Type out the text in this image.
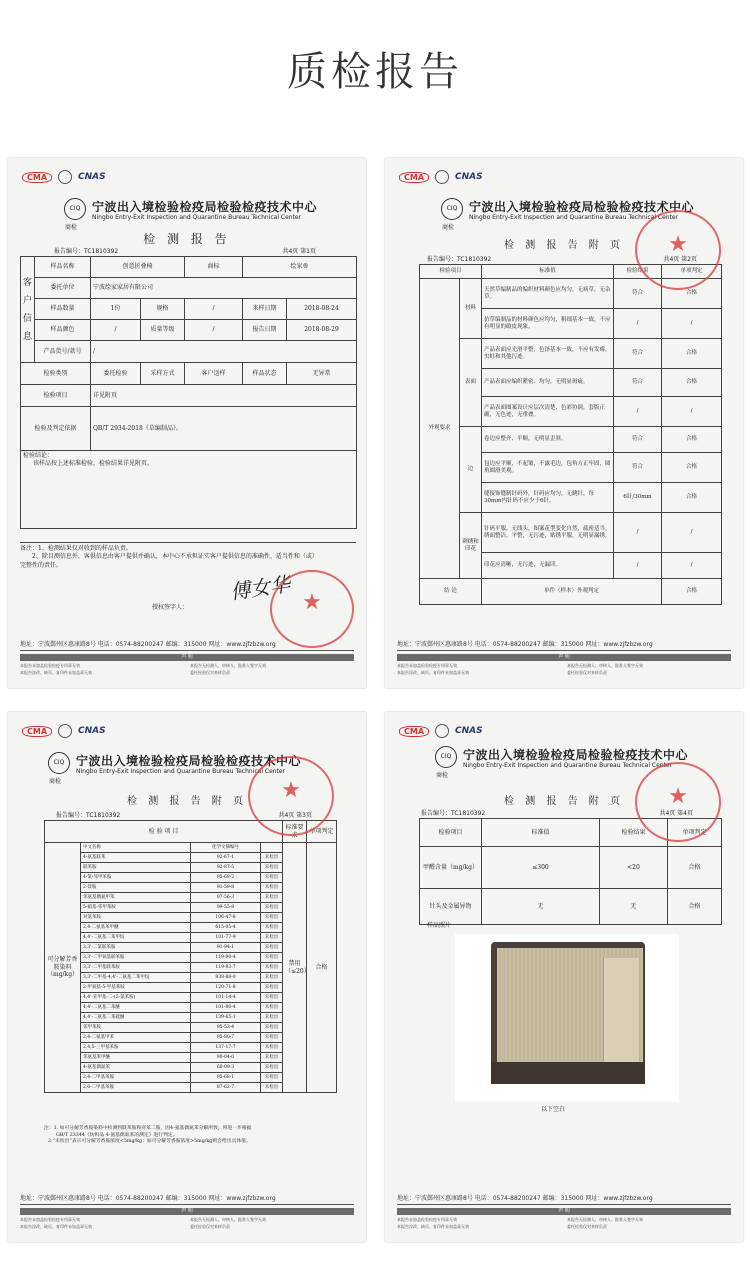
质检报告
CMA	CNAS
CIQ
商检
宁波出入境检验检疫局检验检疫技术中心
Ningbo Entry-Exit Inspection and Quarantine Bureau Technical Center
检 测 报 告
报告编号：TC1810392	共4页 第1页
客户信息	样品名称	创意折叠椅		商标	绘家®	
	委托单位	宁波绘家家居有限公司				
	样品数量	1份	规格	/	来样日期	2018-08-24
	样品颜色	/	质量等级	/	报告日期	2018-08-29
	产品货号/款号	/				
检验类别		委托检验	采样方式	客户送样	样品状态	无异常
检验项目		详见附页				
检验及判定依据		QB/T 2934-2018《草编制品》。				

检验结论：
该样品按上述标准检验，检验结果详见附页。						
备注：1、检测结果仅对收到的样品负责。
2、除目测信息外，客供信息由客户提供并确认，本中心不承担证实客户提供信息的准确性、适当性和（或）
完整性的责任。
傅女华
授权签字人：	★
地址：宁波鄞州区惠康路8号 电话：0574-88200247 邮编：315000 网址：www.zjfzbzw.org
声 明
本报告未加盖检验检疫专用章无效	本报告无检测人、审核人、批准人签字无效
本报告涂改、缺页、复印件未加盖章无效	委托检验仅对来样负责
CMA	CNAS
CIQ
商检
宁波出入境检验检疫局检验检疫技术中心
Ningbo Entry-Exit Inspection and Quarantine Bureau Technical Center
检 测 报 告 附 页
报告编号：TC1810392	共4页 第2页
检验项目		标准值	检验结果	单项判定
外观要求	材料	天然草编制品的编织材料颜色应均匀，无病草，无杂草。	符合	合格
		仿草编制品的材料颜色应均匀，粗细基本一致，不应有明显的破皮现象。	/	/
	表面	产品表面应光滑平整，色泽基本一致，不应有发霉、虫蛀和其他污迹。	符合	合格
		产品表面应编织紧密、均匀，无明显斑疵。	符合	合格
		产品表面图案设计应层次清楚，色彩协调，套版正确，无色迹，无重叠。	/	/
	边	卷边应整齐、平顺，无明显歪斜。	符合	合格
		包边应平顺，不起皱，不露毛边，包角方正牢固，圆角圆滑美观。	符合	合格
		缝接饰缝制针码外，针码应均匀，无跳针，每30mm内针码不应少于6针。	6针/30mm	合格
	刺绣和印花	针码平服，无线头，图案花型变化自然，疏密适当，绣面整洁，平整，无污迹，贴绣平服，无明显漏绣。	/	/
		印花应清晰，无污迹，无漏印。	/	/
结 论		单件（样本）外观判定		合格
★
地址：宁波鄞州区惠康路8号 电话：0574-88200247 邮编：315000 网址：www.zjfzbzw.org
声 明
本报告未加盖检验检疫专用章无效	本报告无检测人、审核人、批准人签字无效
本报告涂改、缺页、复印件未加盖章无效	委托检验仅对来样负责
CMA	CNAS
CIQ
商检
宁波出入境检验检疫局检验检疫技术中心
Ningbo Entry-Exit Inspection and Quarantine Bureau Technical Center
检 测 报 告 附 页
报告编号：TC1810392	共4页 第3页
检 验 项 目				标准要求	单项判定
可分解芳香胺染料（mg/kg）	中文名称	化学文摘编号		禁用（≤20）	合格
	4-氨基联苯	92-67-1	未检出		
	联苯胺	92-87-5	未检出		
	4-氯-邻甲苯胺	95-69-2	未检出		
	2-萘胺	91-59-8	未检出		
	邻氨基偶氮甲苯	97-56-3	未检出		
	5-硝基-邻甲苯胺	99-55-8	未检出		
	对氯苯胺	106-47-8	未检出		
	2,4-二氨基苯甲醚	615-05-4	未检出		
	4,4'-二氨基二苯甲烷	101-77-9	未检出		
	3,3'-二氯联苯胺	91-94-1	未检出		
	3,3'-二甲氧基联苯胺	119-90-4	未检出		
	3,3'-二甲基联苯胺	119-93-7	未检出		
	3,3'-二甲基-4,4'-二氨基二苯甲烷	838-88-0	未检出		
	2-甲氧基-5-甲基苯胺	120-71-8	未检出		
	4,4'-亚甲基-二-(2-氯苯胺)	101-14-4	未检出		
	4,4'-二氨基二苯醚	101-80-4	未检出		
	4,4'-二氨基二苯硫醚	139-65-1	未检出		
	邻甲苯胺	95-53-4	未检出		
	2,4-二氨基甲苯	95-80-7	未检出		
	2,4,5-三甲基苯胺	137-17-7	未检出		
	邻氨基苯甲醚	90-04-0	未检出		
	4-氨基偶氮苯	60-09-3	未检出		
	2,4-二甲基苯胺	95-68-1	未检出		
	2,6-二甲基苯胺	87-62-7	未检出		
注：1. 如可分解芳香胺染料中检测到联苯胺和对苯二胺，因4-氨基偶氮苯分解所致，将进一步根据
GB/T 23344《纺织品 4-氨基偶氮苯的测定》进行判定。
2.“未检出”表示可分解芳香胺浓度<5mg/kg；如可分解芳香胺浓度>5mg/kg则会给出具体值。
★
地址：宁波鄞州区惠康路8号 电话：0574-88200247 邮编：315000 网址：www.zjfzbzw.org
声 明
本报告未加盖检验检疫专用章无效	本报告无检测人、审核人、批准人签字无效
本报告涂改、缺页、复印件未加盖章无效	委托检验仅对来样负责
CMA	CNAS
CIQ
商检
宁波出入境检验检疫局检验检疫技术中心
Ningbo Entry-Exit Inspection and Quarantine Bureau Technical Center
检 测 报 告 附 页
报告编号：TC1810392	共4页 第4页
检验项目	标准值	检验结果	单项判定
甲醛含量（mg/kg）	≤300	<20	合格
针头及金属异物	无	无	合格
样品照片
以下空白
★
地址：宁波鄞州区惠康路8号 电话：0574-88200247 邮编：315000 网址：www.zjfzbzw.org
声 明
本报告未加盖检验检疫专用章无效	本报告无检测人、审核人、批准人签字无效
本报告涂改、缺页、复印件未加盖章无效	委托检验仅对来样负责
